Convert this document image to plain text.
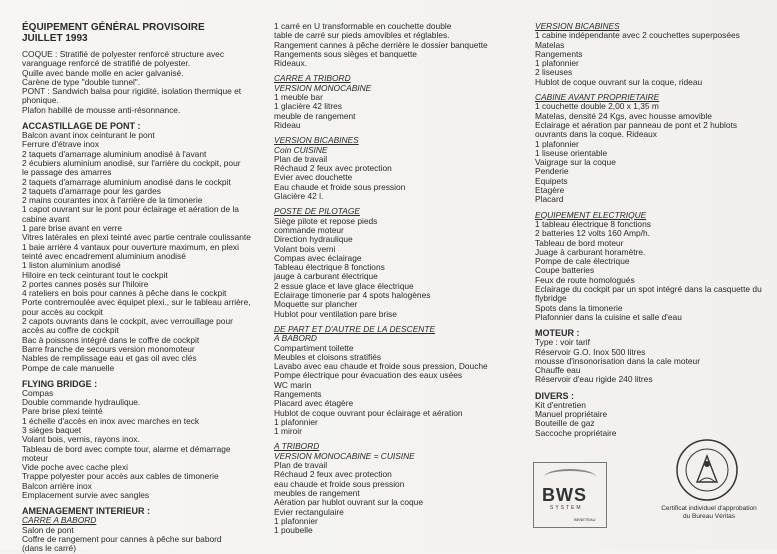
ÉQUIPEMENT GÉNÉRAL PROVISOIRE
JUILLET 1993
COQUE : Stratifié de polyester renforcé structure avec
varanguage renforcé de stratifié de polyester.
Quille avec bande molle en acier galvanisé.
Carène de type "double tunnel".
PONT : Sandwich balsa pour rigidité, isolation thermique et
phonique.
Plafon habillé de mousse anti-résonnance.
ACCASTILLAGE DE PONT :
Balcon avant inox ceinturant le pont
Ferrure d'étrave inox
2 taquets d'amarrage aluminium anodisé à l'avant
2 écubiers aluminium anodisé, sur l'arrière du cockpit, pour
le passage des amarres
2 taquets d'amarrage aluminium anodisé dans le cockpit
2 taquets d'amarrage pour les gardes
2 mains courantes inox à l'arrière de la timonerie
1 capot ouvrant sur le pont pour éclairage et aération de la
cabine avant
1 pare brise avant en verre
Vitres latérales en plexi teinté avec partie centrale coulissante
1 baie arrière 4 vantaux pour ouverture maximum, en plexi
teinté avec encadrement aluminium anodisé
1 liston aluminium anodisé
Hiloire en teck ceinturant tout le cockpit
2 portes cannes posés sur l'hiloire
4 rateliers en bois pour cannes à pêche dans le cockpit
Porte contremoulée avec équipet plexi., sur le tableau arrière,
pour accès au cockpit
2 capots ouvrants dans le cockpit, avec verrouillage pour
accès au coffre de cockpit
Bac à poissons intégré dans le coffre de cockpit
Barre franche de secours version monomoteur
Nables de remplissage eau et gas oil avec clés
Pompe de cale manuelle
FLYING BRIDGE :
Compas
Double commande hydraulique.
Pare brise plexi teinté
1 échelle d'accès en inox avec marches en teck
3 sièges baquet
Volant bois, vernis, rayons inox.
Tableau de bord avec compte tour, alarme et démarrage
moteur
Vide poche avec cache plexi
Trappe polyester pour accès aux cables de timonerie
Balcon arrière inox
Emplacement survie avec sangles
AMENAGEMENT INTERIEUR :
CARRE A BABORD
Salon de pont
Coffre de rangement pour cannes à pêche sur babord
(dans le carré)
1 carré en U transformable en couchette double
table de carré sur pieds amovibles et réglables.
Rangement cannes à pêche derrière le dossier banquette
Rangements sous sièges et banquette
Rideaux.
CARRE A TRIBORD
VERSION MONOCABINE
1 meuble bar
1 glacière 42 litres
meuble de rangement
Rideau
VERSION BICABINES
Coin CUISINE
Plan de travail
Réchaud 2 feux avec protection
Evier avec douchette
Eau chaude et froide sous pression
Glacière 42 l.
POSTE DE PILOTAGE
Siège pilote et repose pieds
commande moteur
Direction hydraulique
Volant bois verni
Compas avec éclairage
Tableau électrique 8 fonctions
jauge à carburant électrique
2 essue glace et lave glace électrique
Eclairage timonerie par 4 spots halogènes
Moquette sur plancher
Hublot pour ventilation pare brise
DE PART ET D'AUTRE DE LA DESCENTE
A BABORD
Compartiment toilette
Meubles et cloisons stratifiés
Lavabo avec eau chaude et froide sous pression, Douche
Pompe électrique pour évacuation des eaux usées
WC marin
Rangements
Placard avec étagère
Hublot de coque ouvrant pour éclairage et aération
1 plafonnier
1 miroir
A TRIBORD
VERSION MONOCABINE = CUISINE
Plan de travail
Réchaud 2 feux avec protection
eau chaude et froide sous pression
meubles de rangement
Aération par hublot ouvrant sur la coque
Evier rectangulaire
1 plafonnier
1 poubelle
VERSION BICABINES
1 cabine indépendante avec 2 couchettes superposées
Matelas
Rangements
1 plafonnier
2 liseuses
Hublot de coque ouvrant sur la coque, rideau
CABINE AVANT PROPRIETAIRE
1 couchette double 2,00 x 1,35 m
Matelas, densité 24 Kgs, avec housse amovible
Eclairage et aération par panneau de pont et 2 hublots
ouvrants dans la coque. Rideaux
1 plafonnier
1 liseuse orientable
Vaigrage sur la coque
Penderie
Equipets
Etagère
Placard
EQUIPEMENT ELECTRIQUE
1 tableau électrique 8 fonctions
2 batteries 12 volts 160 Amp/h.
Tableau de bord moteur
Juage à carburant horamètre.
Pompe de cale électrique
Coupe batteries
Feux de route homologués
Eclairage du cockpit par un spot intégré dans la casquette du
flybridge
Spots dans la timonerie
Plafonnier dans la cuisine et salle d'eau
MOTEUR :
Type : voir tarif
Réservoir G.O. Inox 500 litres
mousse d'insonorisation dans la cale moteur
Chauffe eau
Réservoir d'eau rigide 240 litres
DIVERS :
Kit d'entretien
Manuel propriétaire
Bouteille de gaz
Saccoche propriétaire
BWS
SYSTEM
BENETEAU
Certificat individuel d'approbation
du Bureau Véritas
